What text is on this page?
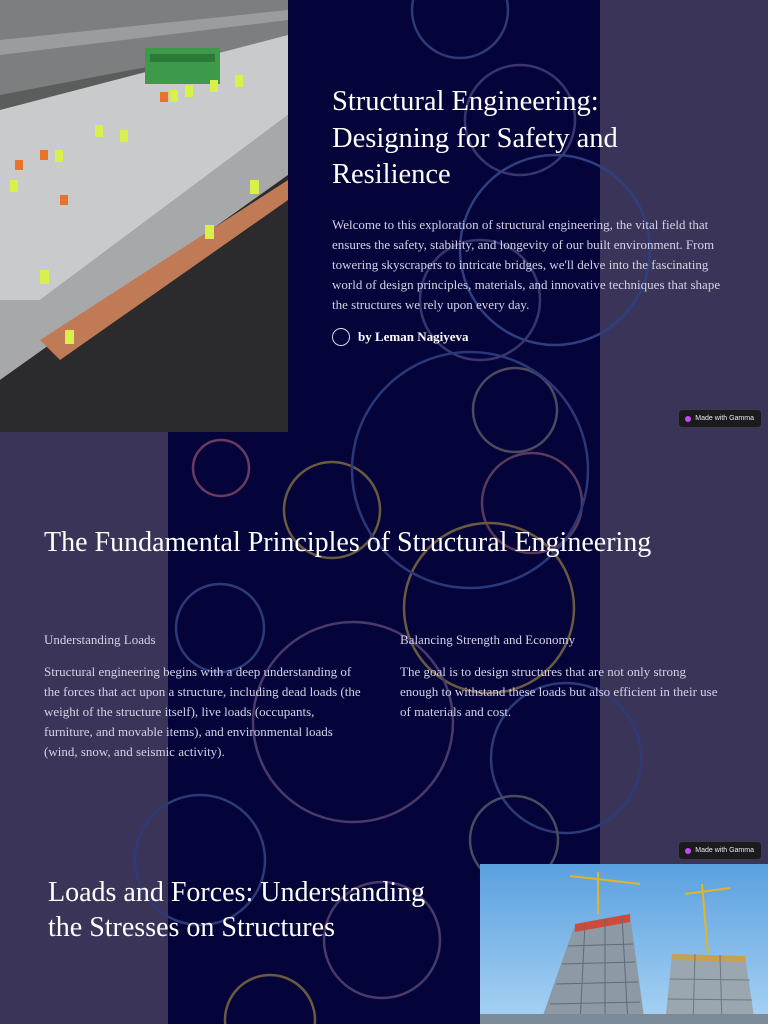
Structural Engineering: Designing for Safety and Resilience

Welcome to this exploration of structural engineering, the vital field that ensures the safety, stability, and longevity of our built environment. From towering skyscrapers to intricate bridges, we'll delve into the fascinating world of design principles, materials, and innovative techniques that shape the structures we rely upon every day.

by Leman Nagiyeva
Made with Gamma
The Fundamental Principles of Structural Engineering
Understanding Loads

Structural engineering begins with a deep understanding of the forces that act upon a structure, including dead loads (the weight of the structure itself), live loads (occupants, furniture, and movable items), and environmental loads (wind, snow, and seismic activity).

Balancing Strength and Economy

The goal is to design structures that are not only strong enough to withstand these loads but also efficient in their use of materials and cost.

Made with Gamma
Loads and Forces: Understanding the Stresses on Structures
